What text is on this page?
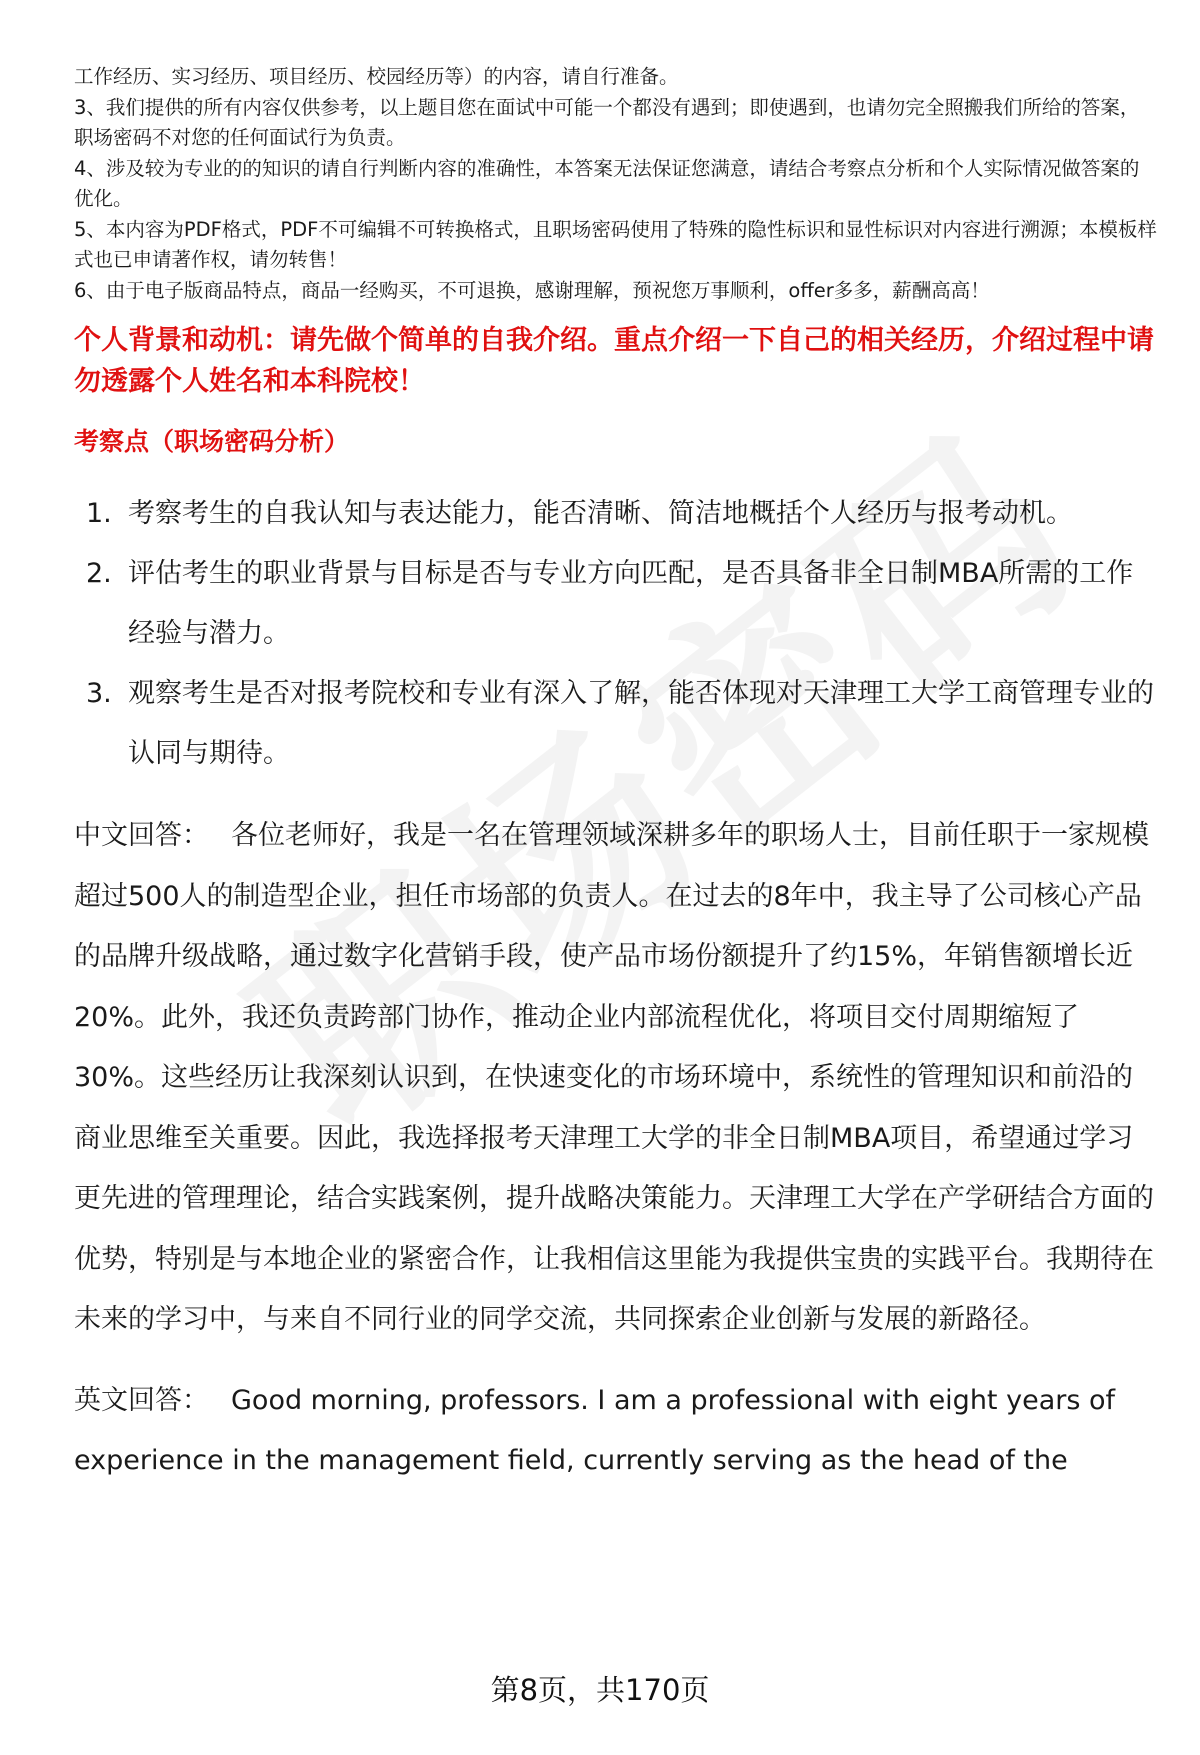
工作经历、实习经历、项目经历、校园经历等）的内容，请自行准备。

3、我们提供的所有内容仅供参考，以上题目您在面试中可能一个都没有遇到；即使遇到，也请勿完全照搬我们所给的答案，职场密码不对您的任何面试行为负责。

4、涉及较为专业的的知识的请自行判断内容的准确性，本答案无法保证您满意，请结合考察点分析和个人实际情况做答案的优化。

5、本内容为PDF格式，PDF不可编辑不可转换格式，且职场密码使用了特殊的隐性标识和显性标识对内容进行溯源；本模板样式也已申请著作权，请勿转售！

6、由于电子版商品特点，商品一经购买，不可退换，感谢理解，预祝您万事顺利，offer多多，薪酬高高！

个人背景和动机：请先做个简单的自我介绍。重点介绍一下自己的相关经历，介绍过程中请勿透露个人姓名和本科院校！
考察点（职场密码分析）
1. 考察考生的自我认知与表达能力，能否清晰、简洁地概括个人经历与报考动机。
2. 评估考生的职业背景与目标是否与专业方向匹配，是否具备非全日制MBA所需的工作经验与潜力。
3. 观察考生是否对报考院校和专业有深入了解，能否体现对天津理工大学工商管理专业的认同与期待。

中文回答： 各位老师好，我是一名在管理领域深耕多年的职场人士，目前任职于一家规模超过500人的制造型企业，担任市场部的负责人。在过去的8年中，我主导了公司核心产品的品牌升级战略，通过数字化营销手段，使产品市场份额提升了约15%，年销售额增长近20%。此外，我还负责跨部门协作，推动企业内部流程优化，将项目交付周期缩短了30%。这些经历让我深刻认识到，在快速变化的市场环境中，系统性的管理知识和前沿的商业思维至关重要。因此，我选择报考天津理工大学的非全日制MBA项目，希望通过学习更先进的管理理论，结合实践案例，提升战略决策能力。天津理工大学在产学研结合方面的优势，特别是与本地企业的紧密合作，让我相信这里能为我提供宝贵的实践平台。我期待在未来的学习中，与来自不同行业的同学交流，共同探索企业创新与发展的新路径。

英文回答： Good morning, professors. I am a professional with eight years of experience in the management field, currently serving as the head of the

第8页，共170页
